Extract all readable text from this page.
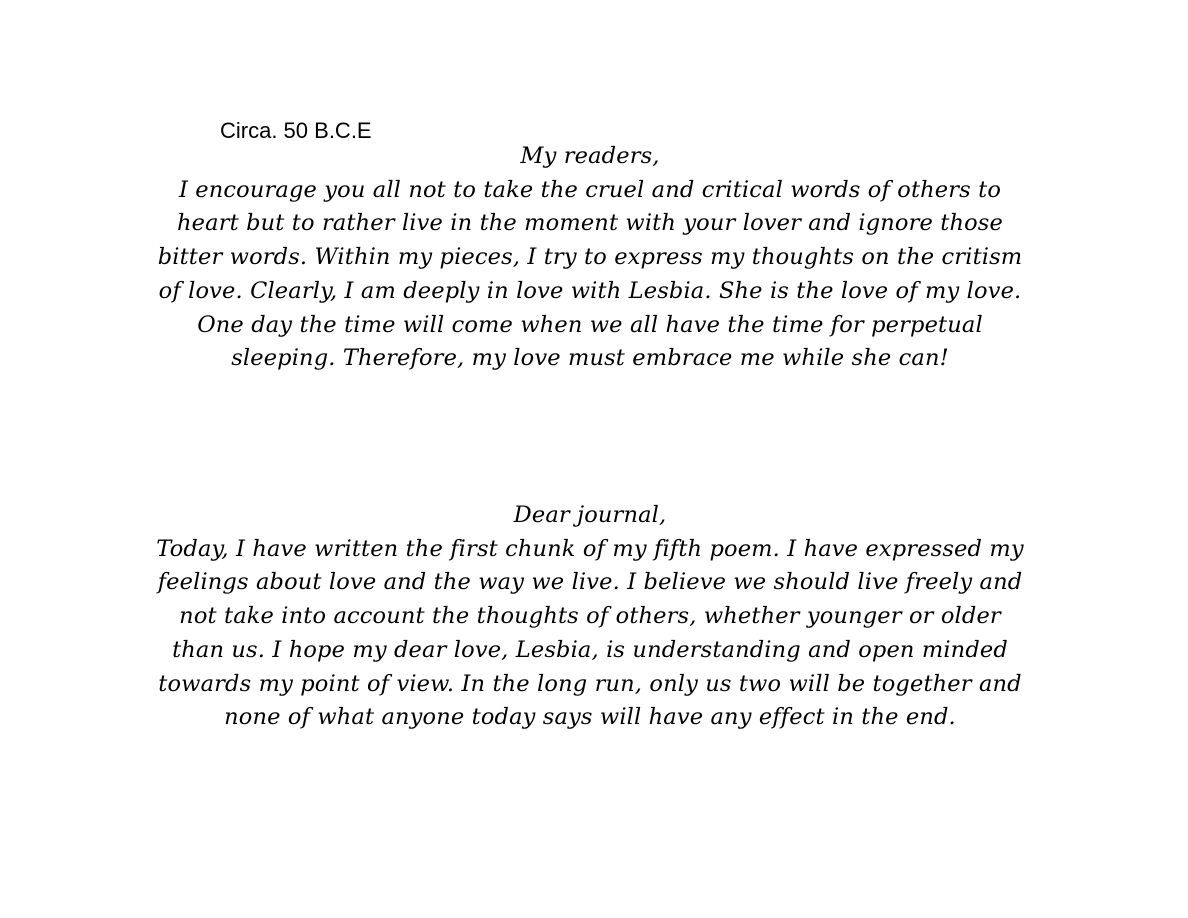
Circa. 50 B.C.E
My readers,
I encourage you all not to take the cruel and critical words of others to
heart but to rather live in the moment with your lover and ignore those
bitter words. Within my pieces, I try to express my thoughts on the critism
of love. Clearly, I am deeply in love with Lesbia. She is the love of my love.
One day the time will come when we all have the time for perpetual
sleeping. Therefore, my love must embrace me while she can!
Dear journal,
Today, I have written the first chunk of my fifth poem. I have expressed my
feelings about love and the way we live. I believe we should live freely and
not take into account the thoughts of others, whether younger or older
than us. I hope my dear love, Lesbia, is understanding and open minded
towards my point of view. In the long run, only us two will be together and
none of what anyone today says will have any effect in the end.
